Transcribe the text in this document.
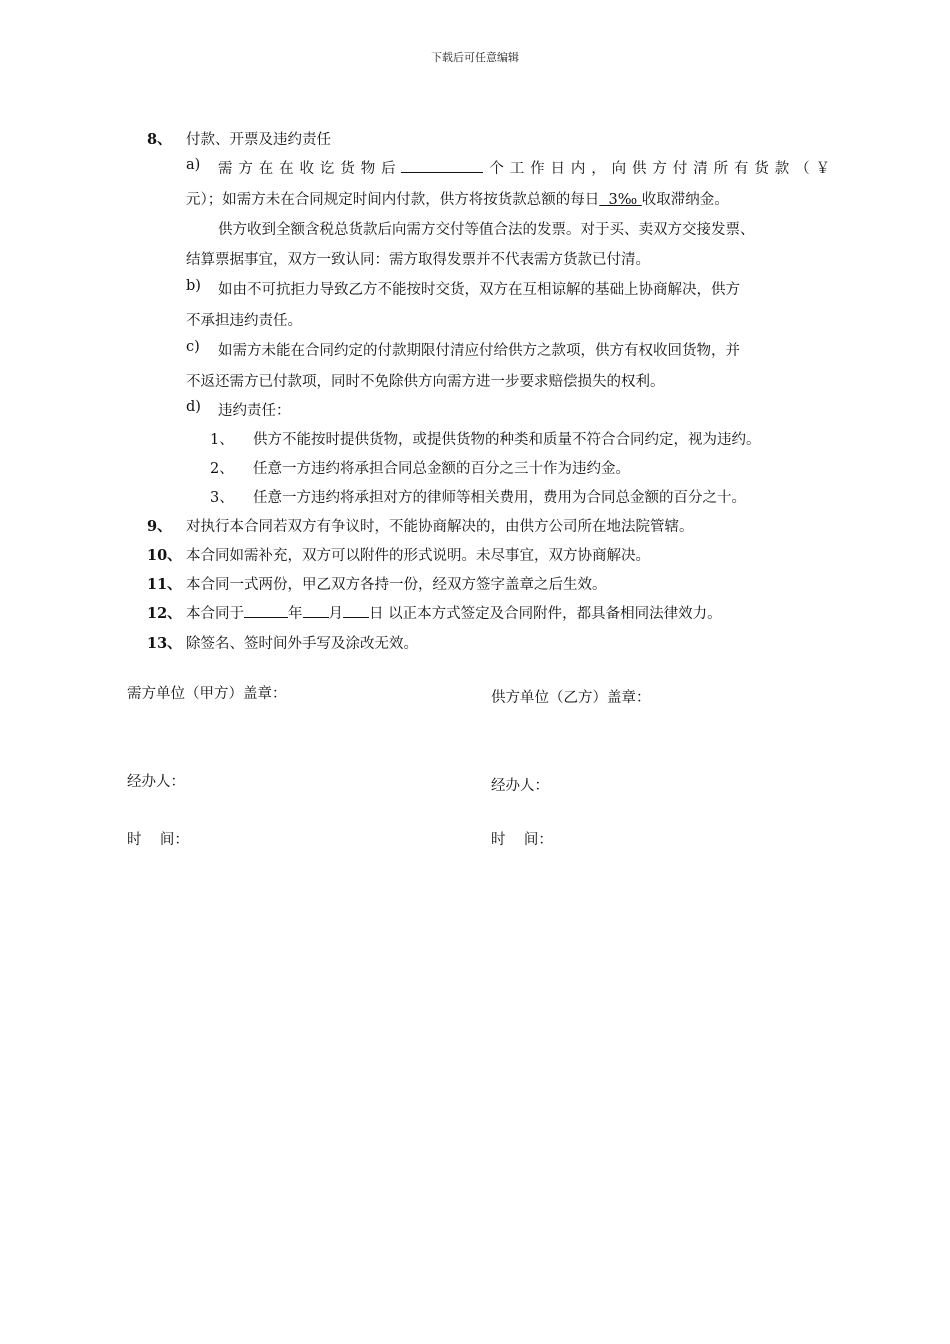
下载后可任意编辑
8、 付款、开票及违约责任
a) 需方在在收讫货物后	个工作日内，向供方付清所有货款（￥
元）；如需方未在合同规定时间内付款，供方将按货款总额的每日  3‰ 收取滞纳金。
供方收到全额含税总货款后向需方交付等值合法的发票。对于买、卖双方交接发票、
结算票据事宜，双方一致认同：需方取得发票并不代表需方货款已付清。
b) 如由不可抗拒力导致乙方不能按时交货，双方在互相谅解的基础上协商解决，供方
不承担违约责任。
c) 如需方未能在合同约定的付款期限付清应付给供方之款项，供方有权收回货物，并
不返还需方已付款项，同时不免除供方向需方进一步要求赔偿损失的权利。
d) 违约责任：
1、 供方不能按时提供货物，或提供货物的种类和质量不符合合同约定，视为违约。
2、 任意一方违约将承担合同总金额的百分之三十作为违约金。
3、 任意一方违约将承担对方的律师等相关费用，费用为合同总金额的百分之十。
9、 对执行本合同若双方有争议时，不能协商解决的，由供方公司所在地法院管辖。
10、 本合同如需补充，双方可以附件的形式说明。未尽事宜，双方协商解决。
11、 本合同一式两份，甲乙双方各持一份，经双方签字盖章之后生效。
12、 本合同于	年 月 日 以正本方式签定及合同附件，都具备相同法律效力。
13、 除签名、签时间外手写及涂改无效。
需方单位（甲方）盖章：	供方单位（乙方）盖章：
经办人：	经办人：
时    间：	时    间：
